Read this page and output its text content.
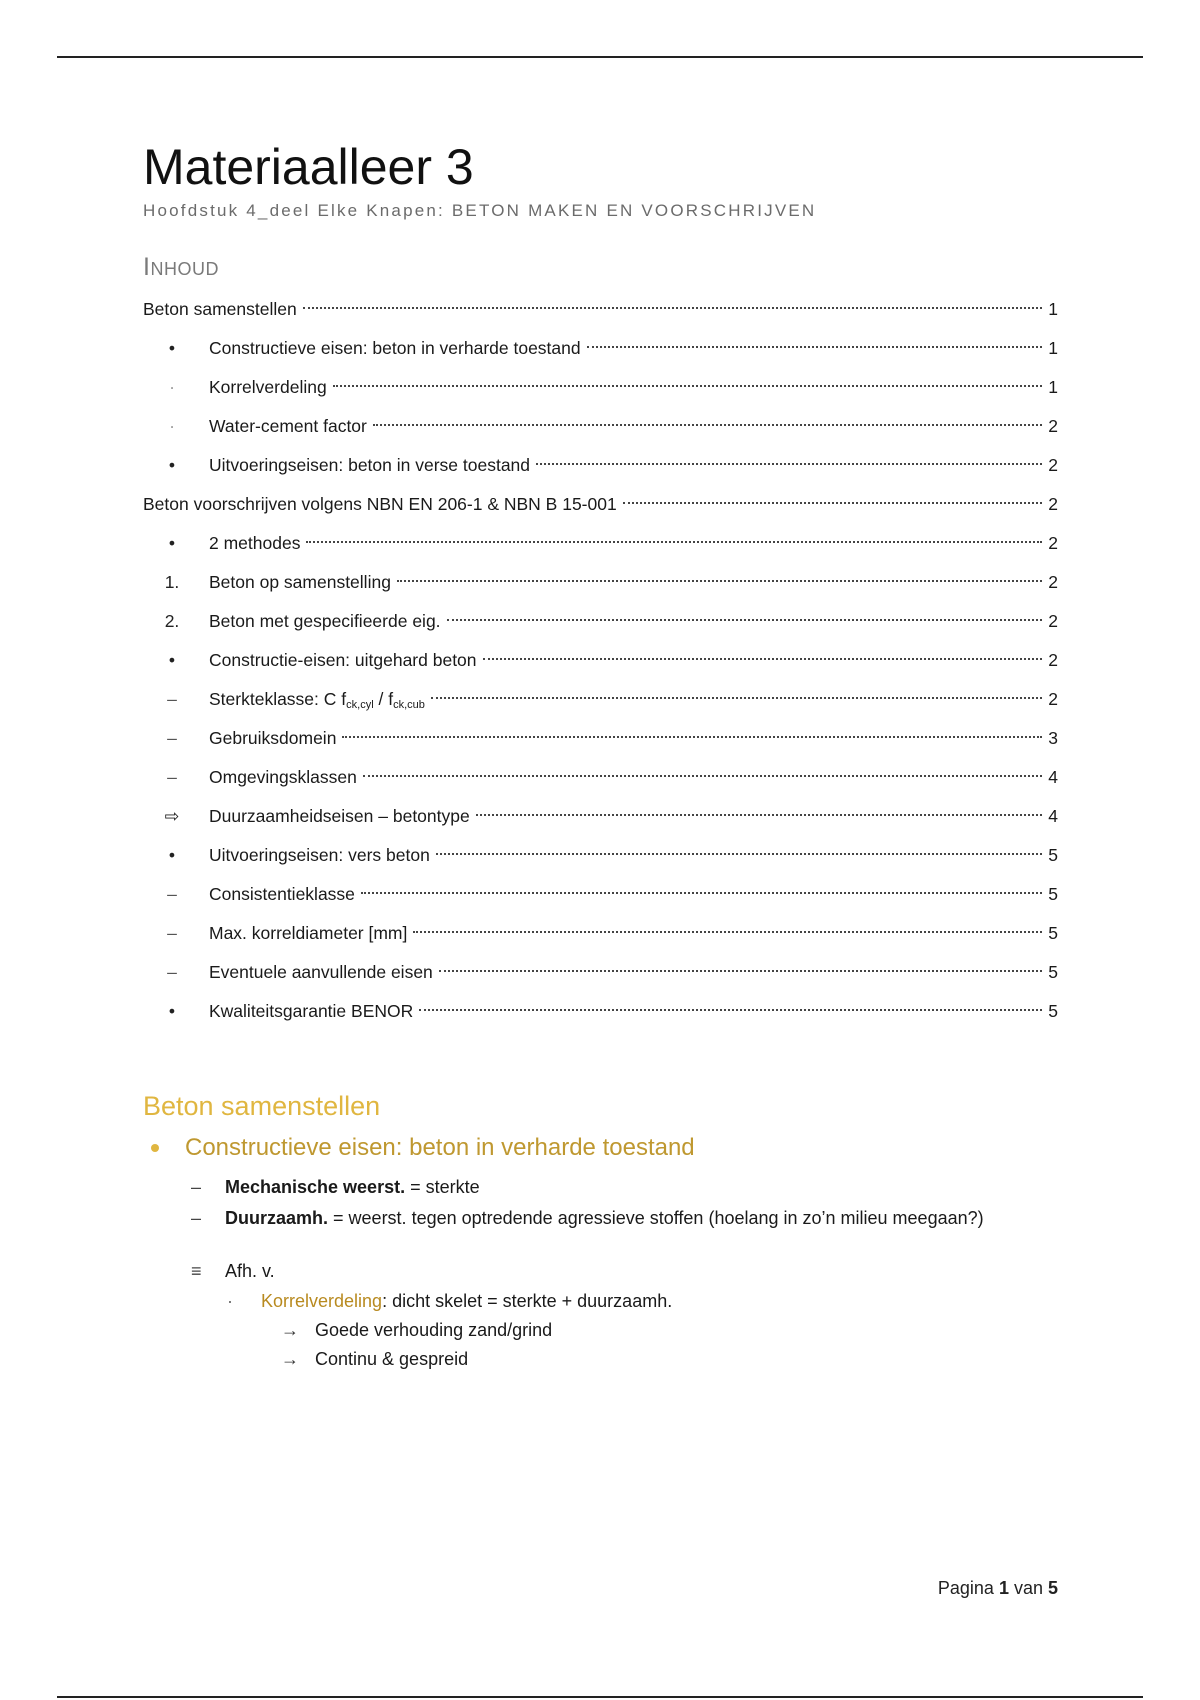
Materiaalleer 3
Hoofdstuk 4_deel Elke Knapen: BETON MAKEN EN VOORSCHRIJVEN
Inhoud
Beton samenstellen	1
•	Constructieve eisen: beton in verharde toestand	1
·	Korrelverdeling	1
·	Water-cement factor	2
•	Uitvoeringseisen: beton in verse toestand	2
Beton voorschrijven volgens NBN EN 206-1 & NBN B 15-001	2
•	2 methodes	2
1. Beton op samenstelling	2
2. Beton met gespecifieerde eig.	2
•	Constructie-eisen: uitgehard beton	2
–	Sterkteklasse: C $f_{ck,cyl} / f_{ck,cub}$	2
–	Gebruiksdomein	3
–	Omgevingsklassen	4
⇨ Duurzaamheidseisen – betontype	4
•	Uitvoeringseisen: vers beton	5
–	Consistentieklasse	5
–	Max. korreldiameter [mm]	5
–	Eventuele aanvullende eisen	5
•	Kwaliteitsgarantie BENOR	5
Beton samenstellen
Constructieve eisen: beton in verharde toestand
–	Mechanische weerst. = sterkte
–	Duurzaamh. = weerst. tegen optredende agressieve stoffen (hoelang in zo’n milieu meegaan?)
≡	Afh. v.
·	Korrelverdeling: dicht skelet = sterkte + duurzaamh.
→ Goede verhouding zand/grind
→ Continu & gespreid
Pagina 1 van 5
